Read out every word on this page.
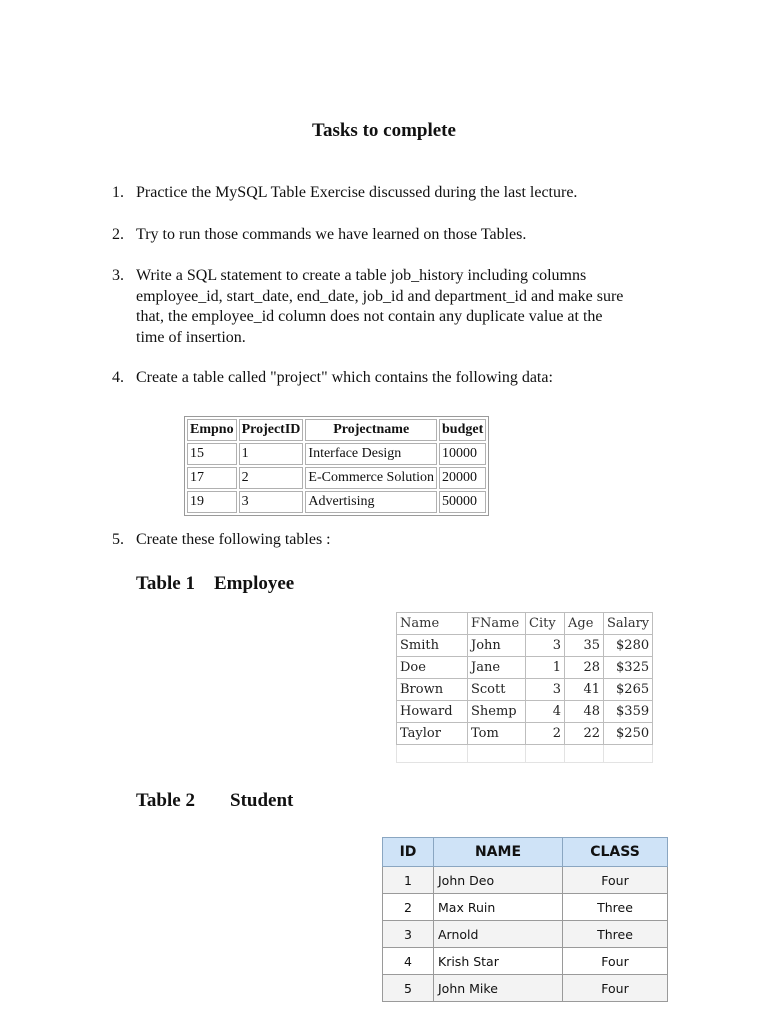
Tasks to complete
1. Practice the MySQL Table Exercise discussed during the last lecture.
2. Try to run those commands we have learned on those Tables.
3. Write a SQL statement to create a table job_history including columns
employee_id, start_date, end_date, job_id and department_id and make sure
that, the employee_id column does not contain any duplicate value at the
time of insertion.
4. Create a table called "project" which contains the following data:
Empno	ProjectID	Projectname	budget
15	1	Interface Design	10000
17	2	E-Commerce Solution	20000
19	3	Advertising	50000
5. Create these following tables :
Table 1 Employee
Name	FName	City	Age	Salary
Smith	John	3	35	$280
Doe	Jane	1	28	$325
Brown	Scott	3	41	$265
Howard	Shemp	4	48	$359
Taylor	Tom	2	22	$250

Table 2 Student
ID	NAME	CLASS
1	John Deo	Four
2	Max Ruin	Three
3	Arnold	Three
4	Krish Star	Four
5	John Mike	Four
